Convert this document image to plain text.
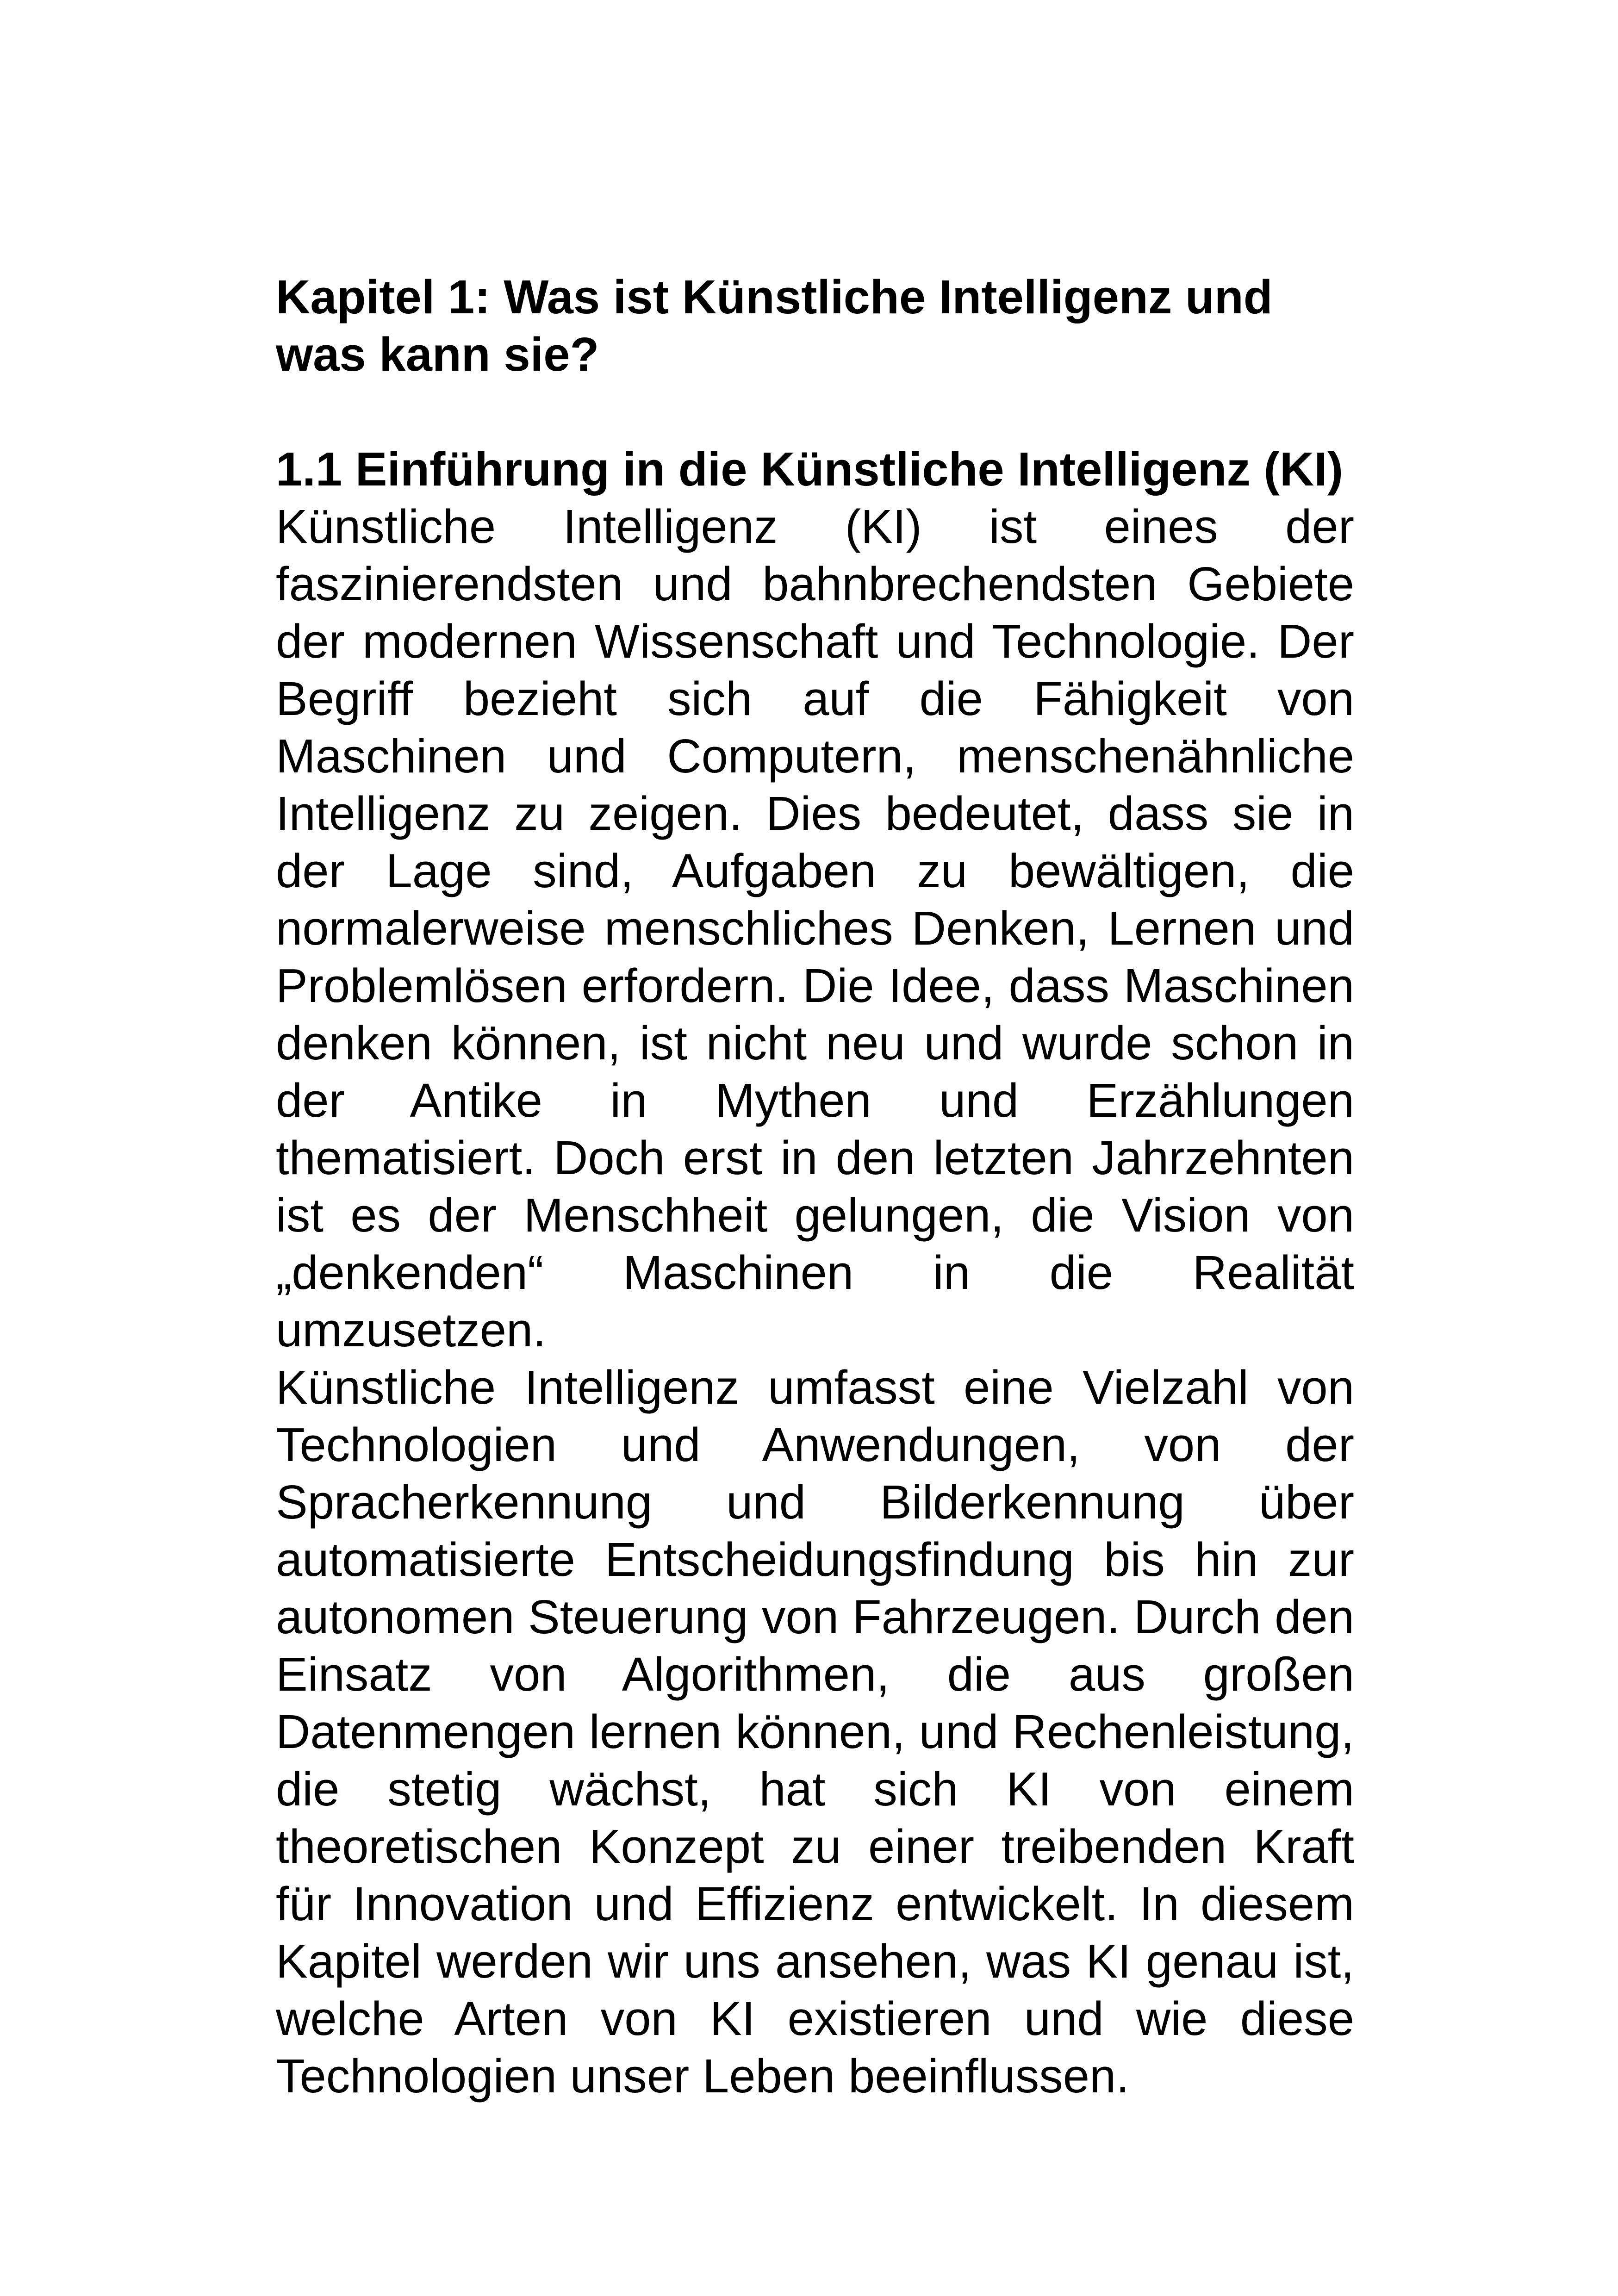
Kapitel 1: Was ist Künstliche Intelligenz und was kann sie?
1.1 Einführung in die Künstliche Intelligenz (KI)

Künstliche Intelligenz (KI) ist eines der faszinierendsten und bahnbrechendsten Gebiete der modernen Wissenschaft und Technologie. Der Begriff bezieht sich auf die Fähigkeit von Maschinen und Computern, menschenähnliche Intelligenz zu zeigen. Dies bedeutet, dass sie in der Lage sind, Aufgaben zu bewältigen, die normalerweise menschliches Denken, Lernen und Problemlösen erfordern. Die Idee, dass Maschinen denken können, ist nicht neu und wurde schon in der Antike in Mythen und Erzählungen thematisiert. Doch erst in den letzten Jahrzehnten ist es der Menschheit gelungen, die Vision von „denkenden“ Maschinen in die Realität umzusetzen.

Künstliche Intelligenz umfasst eine Vielzahl von Technologien und Anwendungen, von der Spracherkennung und Bilderkennung über automatisierte Entscheidungsfindung bis hin zur autonomen Steuerung von Fahrzeugen. Durch den Einsatz von Algorithmen, die aus großen Datenmengen lernen können, und Rechenleistung, die stetig wächst, hat sich KI von einem theoretischen Konzept zu einer treibenden Kraft für Innovation und Effizienz entwickelt. In diesem Kapitel werden wir uns ansehen, was KI genau ist, welche Arten von KI existieren und wie diese Technologien unser Leben beeinflussen.
